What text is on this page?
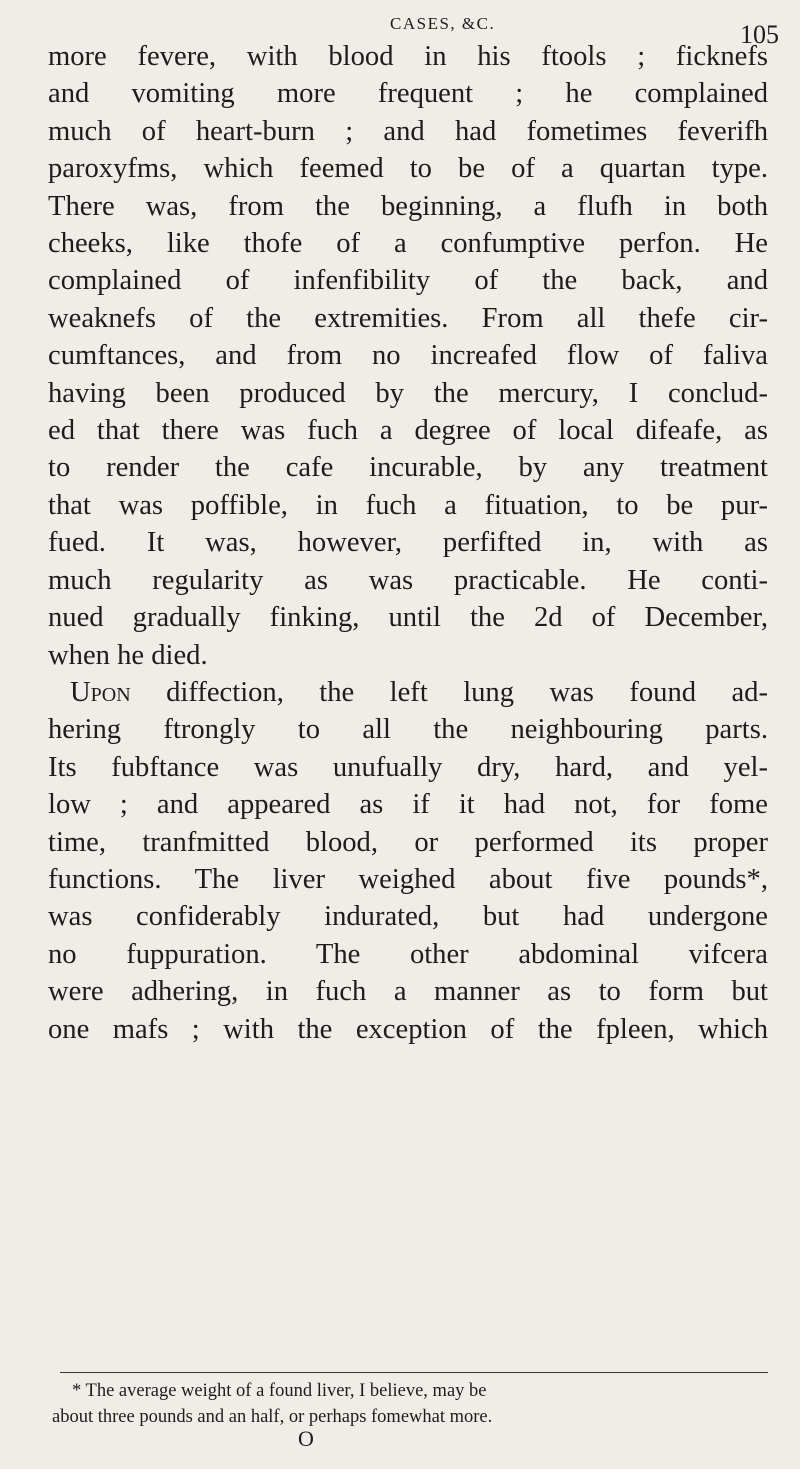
CASES, &C.	105
more fevere, with blood in his ftools ; ficknefs
and vomiting more frequent ; he complained
much of heart-burn ; and had fometimes feverifh
paroxyfms, which feemed to be of a quartan type.
There was, from the beginning, a flufh in both
cheeks, like thofe of a confumptive perfon. He
complained of infenfibility of the back, and
weaknefs of the extremities. From all thefe cir-
cumftances, and from no increafed flow of faliva
having been produced by the mercury, I conclud-
ed that there was fuch a degree of local difeafe, as
to render the cafe incurable, by any treatment
that was poffible, in fuch a fituation, to be pur-
fued. It was, however, perfifted in, with as
much regularity as was practicable. He conti-
nued gradually finking, until the 2d of December,
when he died.
Upon diffection, the left lung was found ad-
hering ftrongly to all the neighbouring parts.
Its fubftance was unufually dry, hard, and yel-
low ; and appeared as if it had not, for fome
time, tranfmitted blood, or performed its proper
functions. The liver weighed about five pounds*,
was confiderably indurated, but had undergone
no fuppuration. The other abdominal vifcera
were adhering, in fuch a manner as to form but
one mafs ; with the exception of the fpleen, which
* The average weight of a found liver, I believe, may be
about three pounds and an half, or perhaps fomewhat more.
O
